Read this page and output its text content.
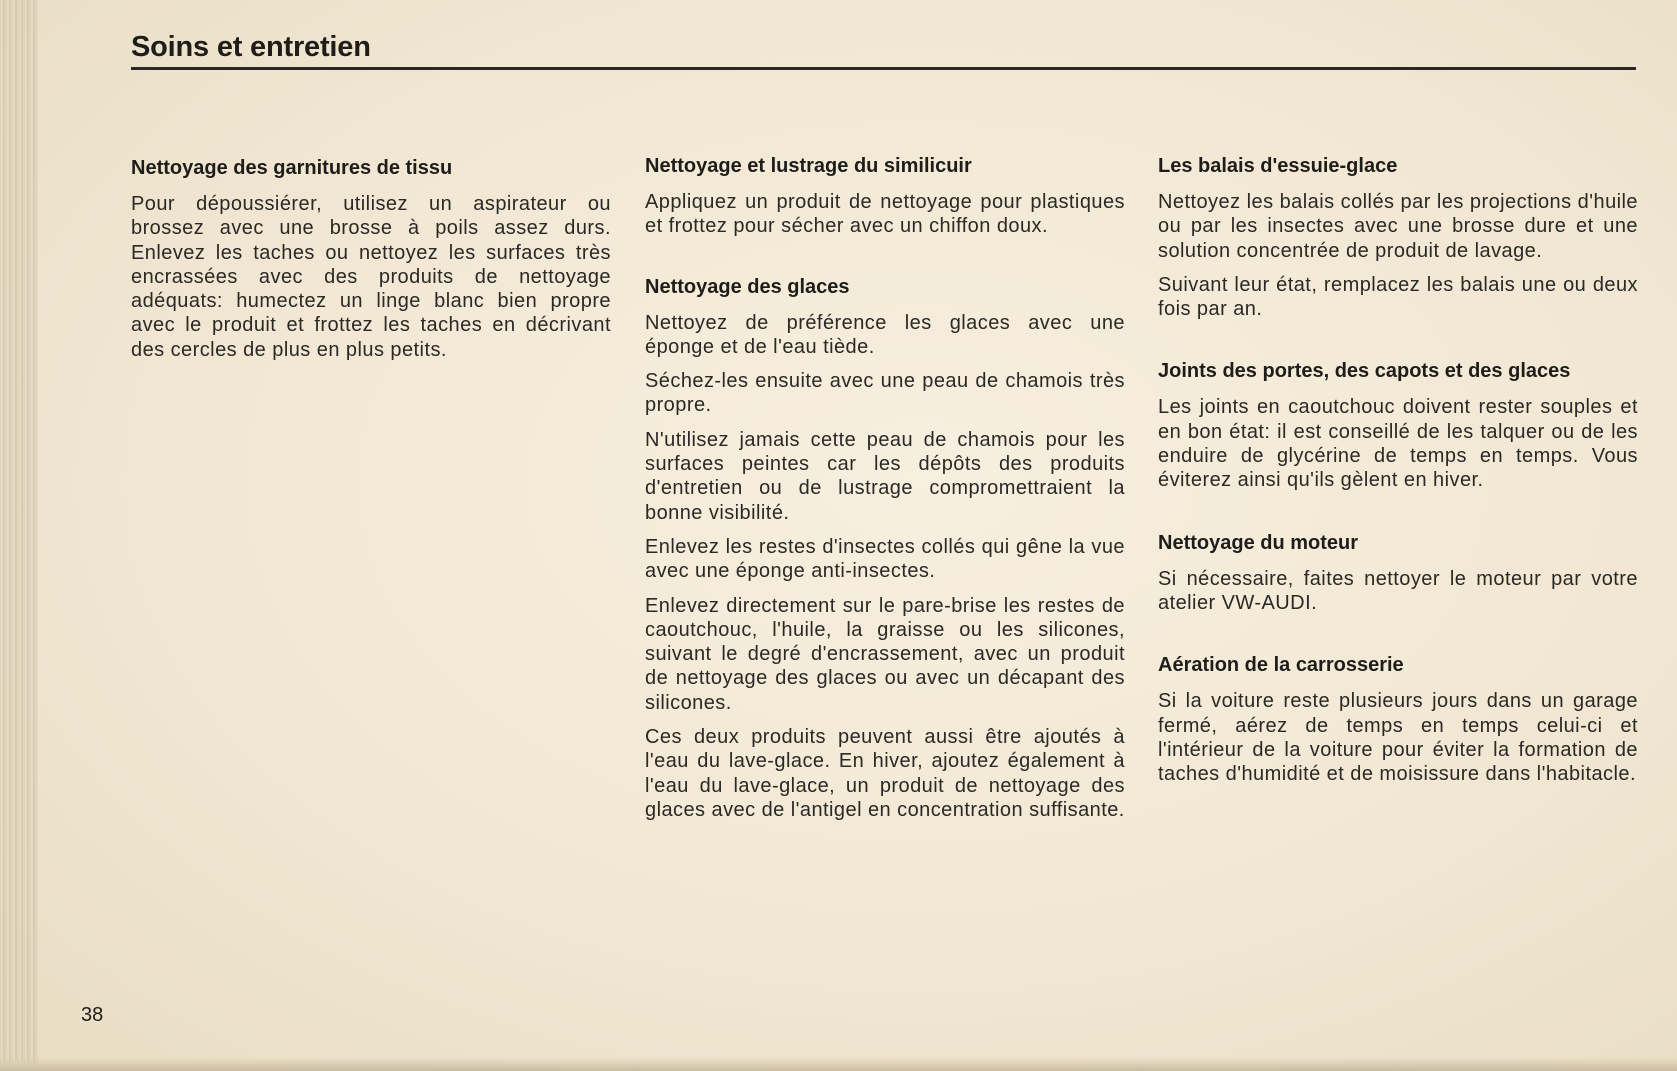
Soins et entretien
Nettoyage des garnitures de tissu

Pour dépoussiérer, utilisez un aspirateur ou brossez avec une brosse à poils assez durs. Enlevez les taches ou nettoyez les surfaces très encrassées avec des produits de nettoyage adéquats: humectez un linge blanc bien propre avec le produit et frottez les taches en décrivant des cercles de plus en plus petits.

Nettoyage et lustrage du similicuir

Appliquez un produit de nettoyage pour plastiques et frottez pour sécher avec un chiffon doux.

Nettoyage des glaces

Nettoyez de préférence les glaces avec une éponge et de l'eau tiède.

Séchez-les ensuite avec une peau de chamois très propre.

N'utilisez jamais cette peau de chamois pour les surfaces peintes car les dépôts des produits d'entretien ou de lustrage compromettraient la bonne visibilité.

Enlevez les restes d'insectes collés qui gêne la vue avec une éponge anti-insectes.

Enlevez directement sur le pare-brise les restes de caoutchouc, l'huile, la graisse ou les silicones, suivant le degré d'encrassement, avec un produit de nettoyage des glaces ou avec un décapant des silicones.

Ces deux produits peuvent aussi être ajoutés à l'eau du lave-glace. En hiver, ajoutez également à l'eau du lave-glace, un produit de nettoyage des glaces avec de l'antigel en concentration suffisante.

Les balais d'essuie-glace

Nettoyez les balais collés par les projections d'huile ou par les insectes avec une brosse dure et une solution concentrée de produit de lavage.

Suivant leur état, remplacez les balais une ou deux fois par an.

Joints des portes, des capots et des glaces

Les joints en caoutchouc doivent rester souples et en bon état: il est conseillé de les talquer ou de les enduire de glycérine de temps en temps. Vous éviterez ainsi qu'ils gèlent en hiver.

Nettoyage du moteur

Si nécessaire, faites nettoyer le moteur par votre atelier VW-AUDI.

Aération de la carrosserie

Si la voiture reste plusieurs jours dans un garage fermé, aérez de temps en temps celui-ci et l'intérieur de la voiture pour éviter la formation de taches d'humidité et de moisissure dans l'habitacle.

38
